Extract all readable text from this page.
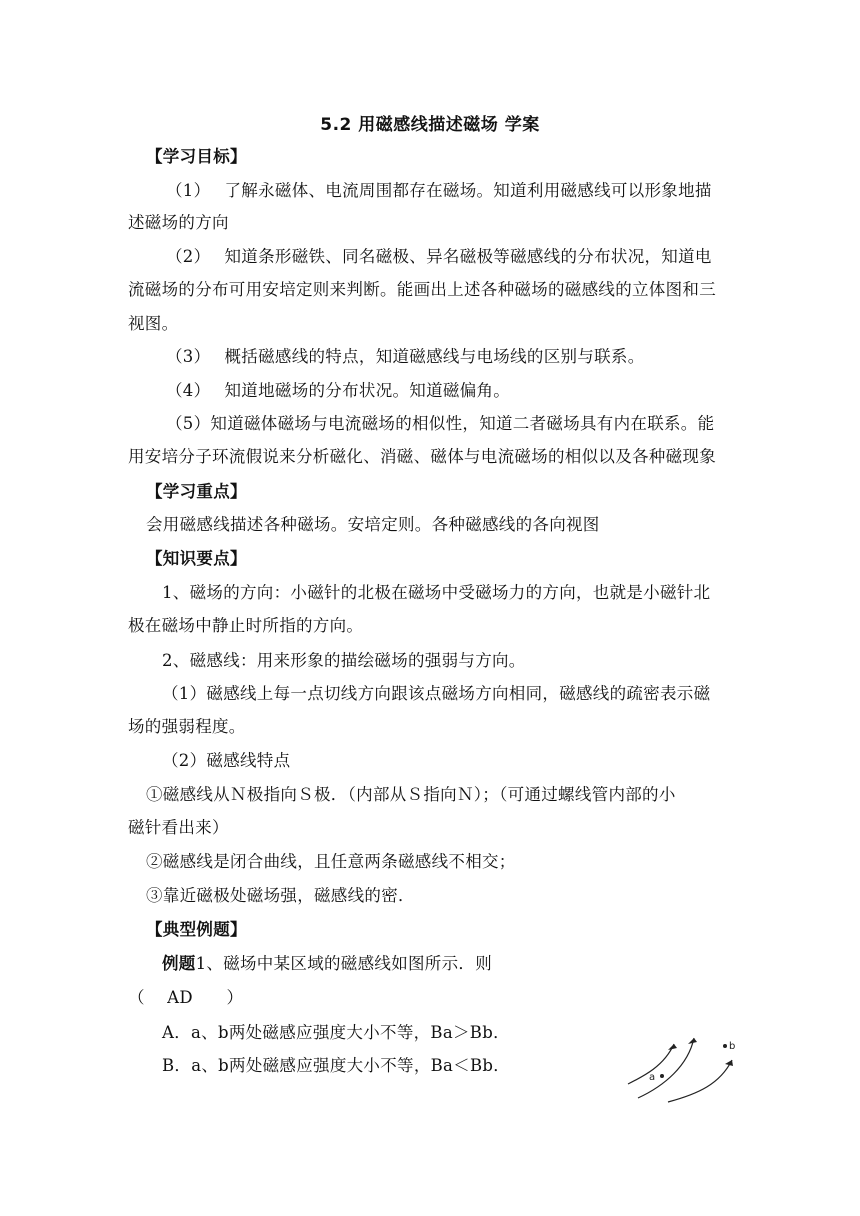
5.2 用磁感线描述磁场 学案
【学习目标】
（1）　 了解永磁体、电流周围都存在磁场。知道利用磁感线可以形象地描
述磁场的方向
（2）　 知道条形磁铁、同名磁极、异名磁极等磁感线的分布状况，知道电
流磁场的分布可用安培定则来判断。能画出上述各种磁场的磁感线的立体图和三
视图。
（3）　 概括磁感线的特点，知道磁感线与电场线的区别与联系。
（4）　 知道地磁场的分布状况。知道磁偏角。
（5）知道磁体磁场与电流磁场的相似性，知道二者磁场具有内在联系。能
用安培分子环流假说来分析磁化、消磁、磁体与电流磁场的相似以及各种磁现象
【学习重点】
会用磁感线描述各种磁场。安培定则。各种磁感线的各向视图
【知识要点】
1、磁场的方向：小磁针的北极在磁场中受磁场力的方向，也就是小磁针北
极在磁场中静止时所指的方向。
2、磁感线：用来形象的描绘磁场的强弱与方向。
（1）磁感线上每一点切线方向跟该点磁场方向相同，磁感线的疏密表示磁
场的强弱程度。
（2）磁感线特点
①磁感线从Ｎ极指向Ｓ极．（内部从Ｓ指向Ｎ）；（可通过螺线管内部的小
磁针看出来）
②磁感线是闭合曲线，且任意两条磁感线不相交；
③靠近磁极处磁场强，磁感线的密．
【典型例题】
例题1、磁场中某区域的磁感线如图所示．则
（　 AD　　）
A．a、b两处磁感应强度大小不等，Ba＞Bb．
B．a、b两处磁感应强度大小不等，Ba＜Bb．
a
b
